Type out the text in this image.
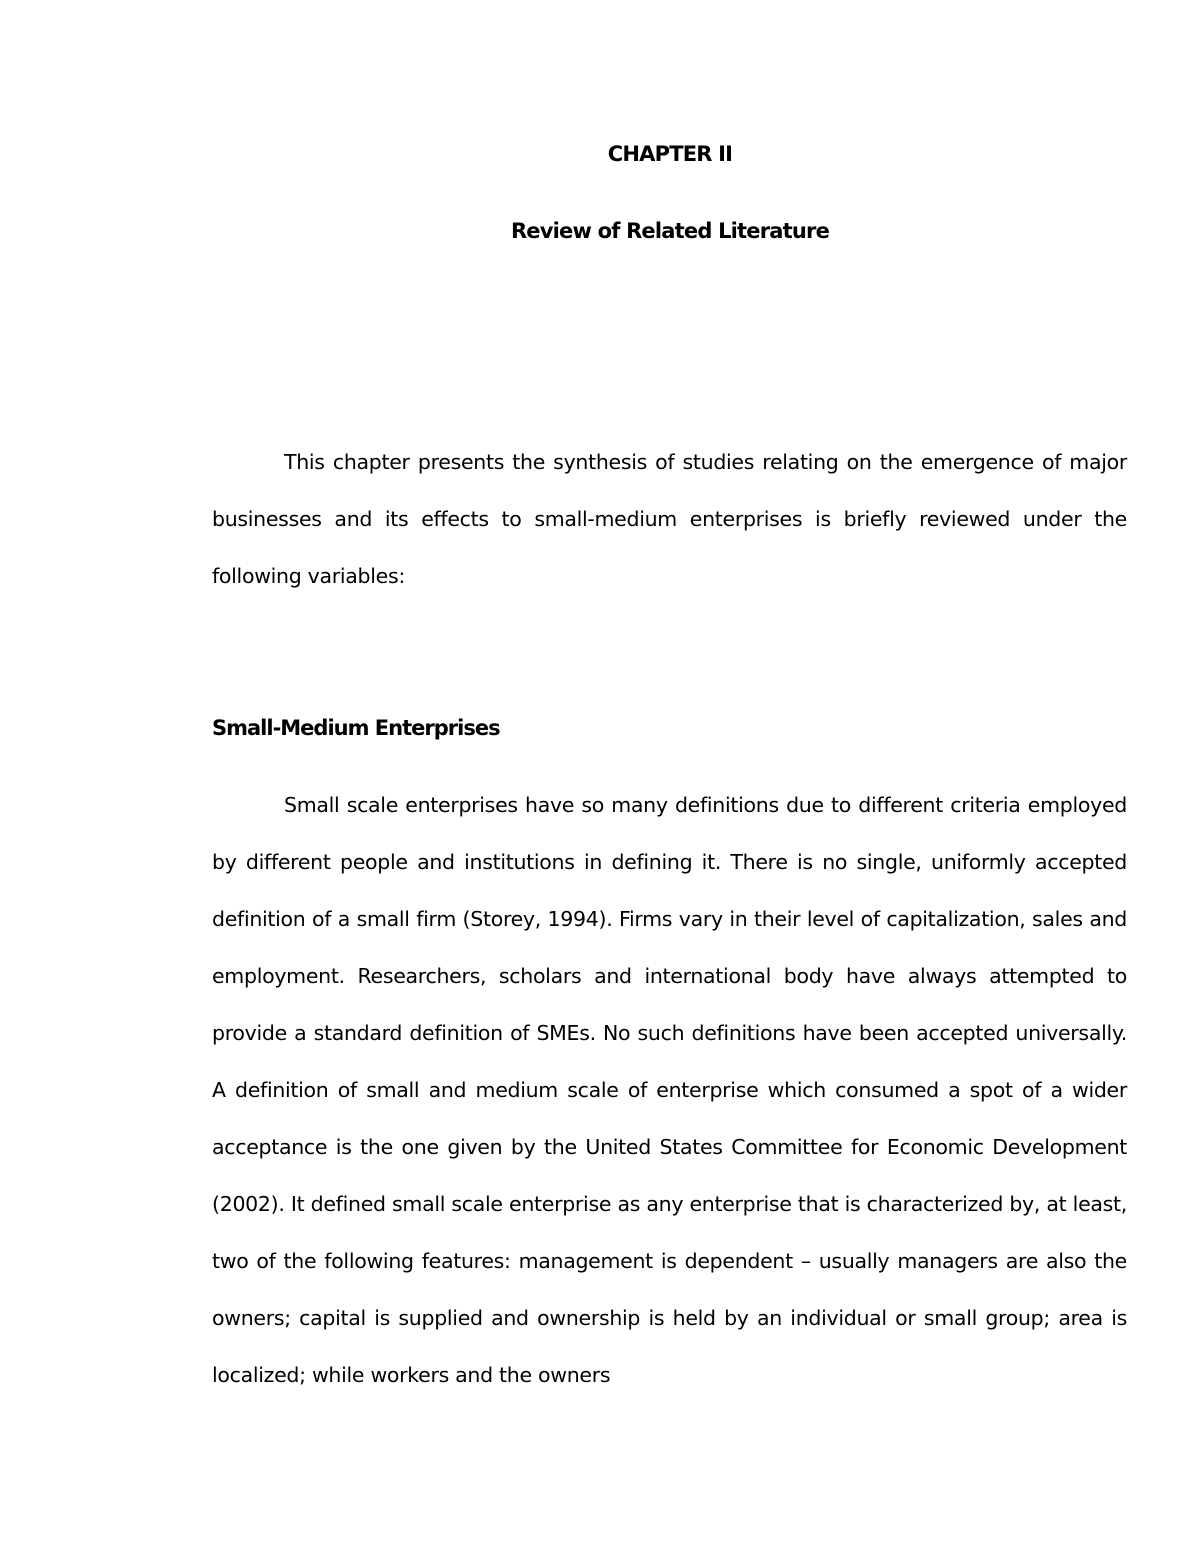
CHAPTER II
Review of Related Literature

This chapter presents the synthesis of studies relating on the emergence of major businesses and its effects to small-medium enterprises is briefly reviewed under the following variables:

Small-Medium Enterprises

Small scale enterprises have so many definitions due to different criteria employed by different people and institutions in defining it. There is no single, uniformly accepted definition of a small firm (Storey, 1994). Firms vary in their level of capitalization, sales and employment. Researchers, scholars and international body have always attempted to provide a standard definition of SMEs. No such definitions have been accepted universally. A definition of small and medium scale of enterprise which consumed a spot of a wider acceptance is the one given by the United States Committee for Economic Development (2002). It defined small scale enterprise as any enterprise that is characterized by, at least, two of the following features: management is dependent – usually managers are also the owners; capital is supplied and ownership is held by an individual or small group; area is localized; while workers and the owners
